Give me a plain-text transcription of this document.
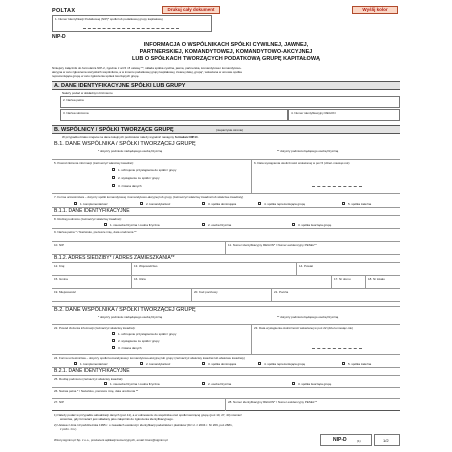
POLTAX	Drukuj cały dokument	Wyślij kolor
1. Numer Identyfikacji Podatkowej (NIP)* spółki lub podatkowej grupy kapitałowej
NIP-D
INFORMACJA O WSPÓLNIKACH SPÓŁKI CYWILNEJ, JAWNEJ,
PARTNERSKIEJ, KOMANDYTOWEJ, KOMANDYTOWO-AKCYJNEJ
LUB O SPÓŁKACH TWORZĄCYCH PODATKOWĄ GRUPĘ KAPITAŁOWĄ
Niniejszy załącznik do formularza NIP-2, zgodnie z art.5 i 8 ustawy **, składa spółka cywilna, jawna, partnerska, komandytowa i komandytowo-
akcyjna w celu zgłoszenia wszystkich wspólników, a w imieniu podatkowej grupy kapitałowej, zwanej dalej „grupą", wskazana w umowie spółka
reprezentująca grupę w celu zgłoszenia spółek tworzących grupę.
A. DANE IDENTYFIKACYJNE SPÓŁKI LUB GRUPY
Należy podać w dokładnym brzmieniu.
2. Nazwa pełna
3. Nazwa skrócona	4. Numer identyfikacyjny REGON
B. WSPÓLNICY / SPÓŁKI TWORZĄCE GRUPĘ	(nieparzyste stronie)
W przypadku braku miejsca na dane kolejnych podmiotów należy wypełnić następny formularz NIP-D.
B.1. DANE WSPÓLNIKA / SPÓŁKI TWORZĄCEJ GRUPĘ
* dotyczy podmiotu niebędącego osobą fizyczną	** dotyczy podmiotu będącego osobą fizyczną
5. Powód złożenia informacji (zaznaczyć właściwy kwadrat):
1. uzbrojenie przystąpienia do spółki / grupy
2. wystąpienie ze spółki / grupy
3. zmiana danych
6. Data wystąpienia okoliczności wskazanej w poz.5 (dzień-miesiąc-rok)
7. Forma uczestnictwa – dotyczy spółki komandytowej i komandytowo-akcyjnej lub grupy (zaznaczyć właściwy kwadrat lub właściwe kwadraty)
1. komplementariusz	2. komandytariusz	3. spółka dominująca	4. spółka reprezentująca grupę	5. spółka zależna
B.1.1. DANE IDENTYFIKACYJNE
8. Rodzaj podmiotu (zaznaczyć właściwy kwadrat):
1. nieosoba fizyczna / osoba fizyczna	2. osoba fizyczna	3. spółka tworząca grupę
9. Nazwa pełna * / Nazwisko, pierwsze imię, data urodzenia **
10. NIP	11. Numer identyfikacyjny REGON* / Numer ewidencyjny PESEL**
B.1.2. ADRES SIEDZIBY* / ADRES ZAMIESZKANIA**
12. Kraj	13. Województwo	14. Powiat
15. Gmina	16. Ulica	17. Nr domu	18. Nr lokalu
19. Miejscowość	20. Kod pocztowy	21. Poczta
B.2. DANE WSPÓLNIKA / SPÓŁKI TWORZĄCEJ GRUPĘ
* dotyczy podmiotu niebędącego osobą fizyczną	** dotyczy podmiotu będącego osobą fizyczną
22. Powód złożenia informacji (zaznaczyć właściwy kwadrat):
1. uzbrojenie przystąpienia do spółki / grupy
2. wystąpienie ze spółki / grupy
3. zmiana danych
23. Data wystąpienia okoliczności wskazanej w poz.22 (dzień-miesiąc-rok)
24. Forma uczestnictwa – dotyczy spółki komandytowej i komandytowo-akcyjnej lub grupy (zaznaczyć właściwy kwadrat lub właściwe kwadraty)
1. komplementariusz	2. komandytariusz	3. spółka dominująca	4. spółka reprezentująca grupę	5. spółka zależna
B.2.1. DANE IDENTYFIKACYJNE
25. Rodzaj podmiotu (zaznaczyć właściwy kwadrat):
1. nieosoba fizyczna / osoba fizyczna	2. osoba fizyczna	3. spółka tworząca grupę
26. Nazwa pełna * / Nazwisko, pierwsze imię, data urodzenia **
27. NIP	28. Numer identyfikacyjny REGON* / Numer ewidencyjny PESEL**
1) Należy podać w przypadku aktualizacji danych (poz.11), a w odniesieniu do wspólnika oraz spółki tworzącej grupę (poz.10, 27, 44) również
wówczas, gdy formularz jest składany jako załącznik do zgłoszenia identyfikacyjnego.
2) Ustawa z dnia 13 października 1995 r. o zasadach ewidencji i identyfikacji podatników i płatników (Dz.U. z 2004 r. Nr 269, poz.2681,
z późn. zm.)
Wzory.sigmim.pl Sp. z o.o., producent aplikacji komercyjnych, email: biuro@sigmim.pl	NIP-D	(1)	1/2
